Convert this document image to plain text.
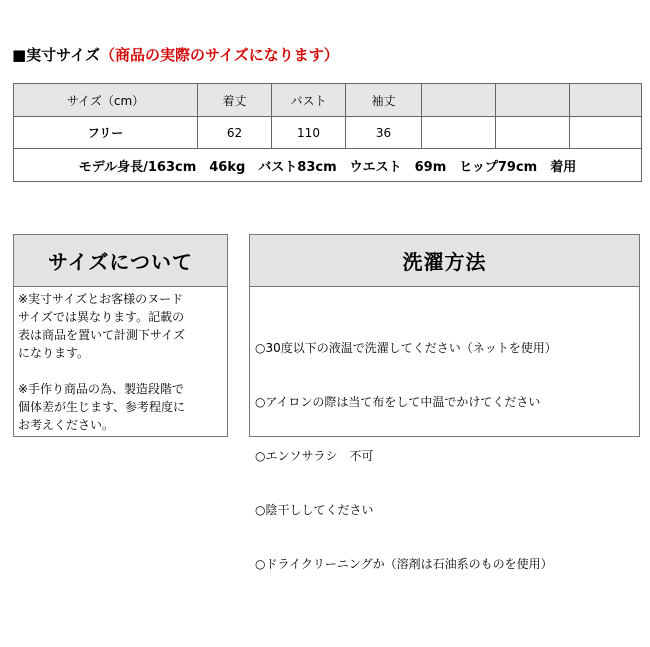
■実寸サイズ（商品の実際のサイズになります）
サイズ（cm）	着丈	バスト	袖丈			
フリー	62	110	36			
モデル身長/163cm　46kg　バスト83cm　ウエスト　69m　ヒップ79cm　着用						
サイズについて
※実寸サイズとお客様のヌード
サイズでは異なります。記載の
表は商品を置いて計測下サイズ
になります。
※手作り商品の為、製造段階で
個体差が生じます、参考程度に
お考えください。
洗濯方法

○30度以下の液温で洗濯してください（ネットを使用）

○アイロンの際は当て布をして中温でかけてください

○エンソサラシ　不可

○陰干ししてください

○ドライクリーニングか（溶剤は石油系のものを使用）
